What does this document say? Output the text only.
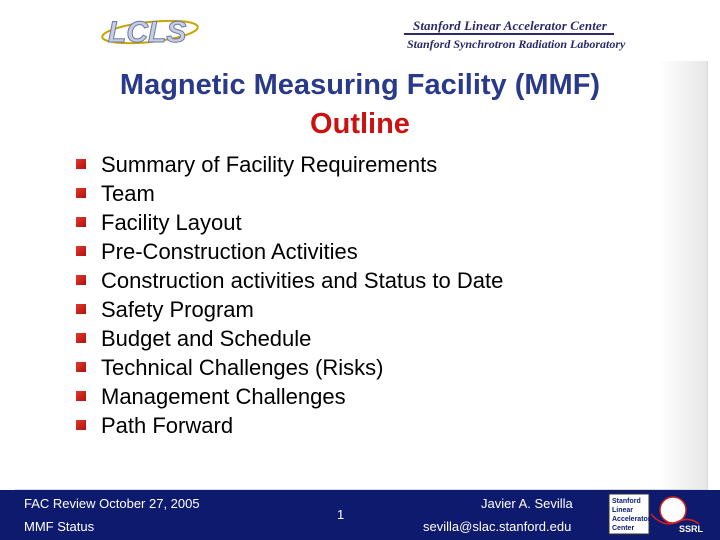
LCLS	Stanford Linear Accelerator Center
Stanford Synchrotron Radiation Laboratory
Magnetic Measuring Facility (MMF)
Outline
Summary of Facility Requirements
Team
Facility Layout
Pre-Construction Activities
Construction activities and Status to Date
Safety Program
Budget and Schedule
Technical Challenges (Risks)
Management Challenges
Path Forward
FAC Review October 27, 2005
MMF Status
Javier A. Sevilla
sevilla@slac.stanford.edu
1
Stanford
Linear
Accelerator
Center	SSRL
